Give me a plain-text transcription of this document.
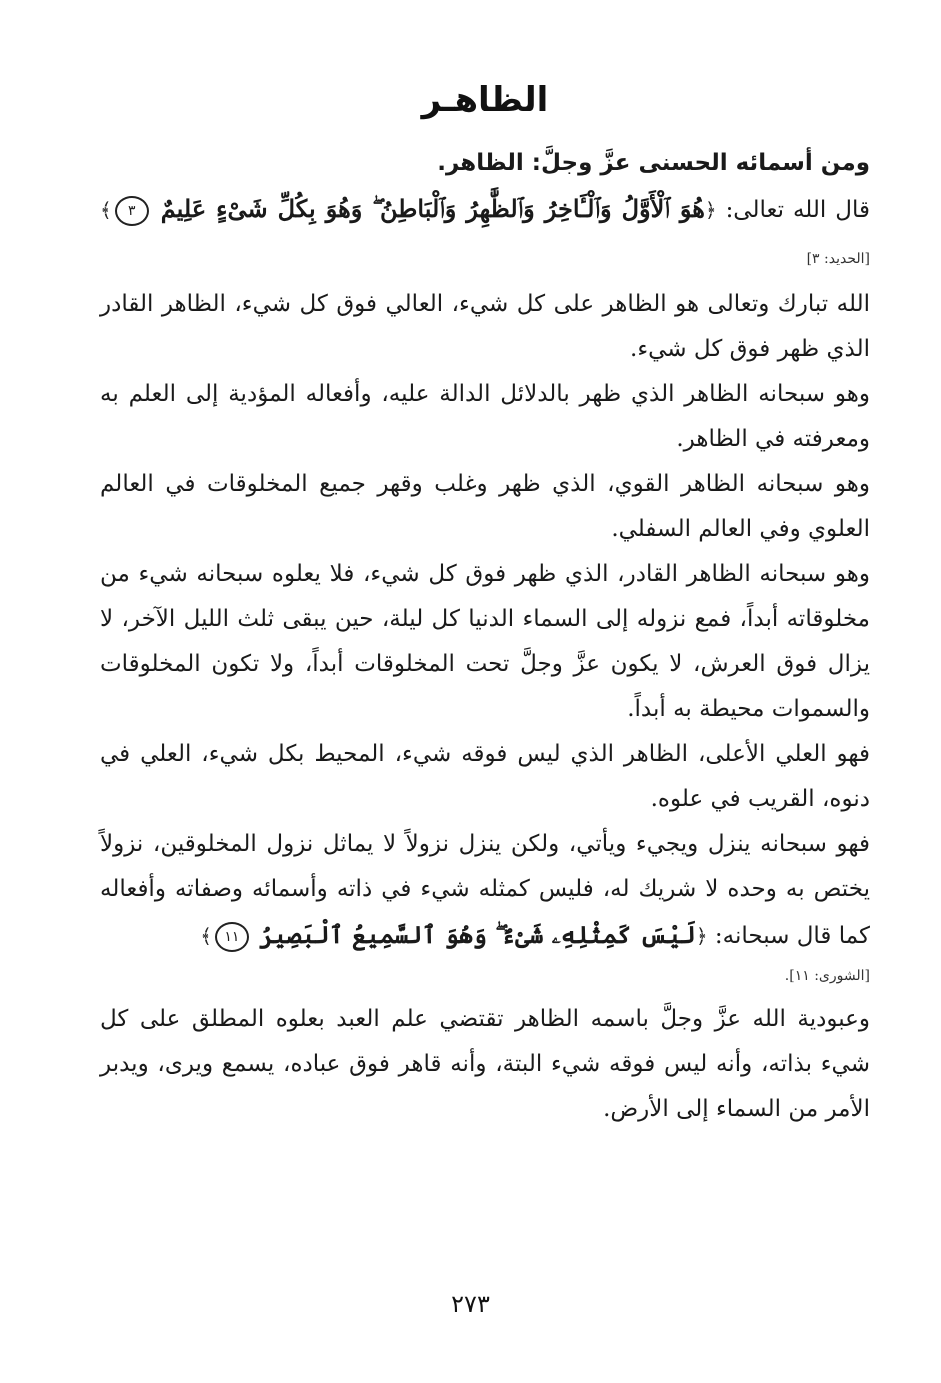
الظاهـر

ومن أسمائه الحسنى عزَّ وجلَّ: الظاهر.

قال الله تعالى: ﴿هُوَ ٱلْأَوَّلُ وَٱلْـَٔاخِرُ وَٱلظَّٰهِرُ وَٱلْبَاطِنُ ۖ وَهُوَ بِكُلِّ شَىْءٍ عَلِيمٌ ٣﴾ [الحديد: ٣]

الله تبارك وتعالى هو الظاهر على كل شيء، العالي فوق كل شيء، الظاهر القادر الذي ظهر فوق كل شيء.

وهو سبحانه الظاهر الذي ظهر بالدلائل الدالة عليه، وأفعاله المؤدية إلى العلم به ومعرفته في الظاهر.

وهو سبحانه الظاهر القوي، الذي ظهر وغلب وقهر جميع المخلوقات في العالم العلوي وفي العالم السفلي.

وهو سبحانه الظاهر القادر، الذي ظهر فوق كل شيء، فلا يعلوه سبحانه شيء من مخلوقاته أبداً، فمع نزوله إلى السماء الدنيا كل ليلة، حين يبقى ثلث الليل الآخر، لا يزال فوق العرش، لا يكون عزَّ وجلَّ تحت المخلوقات أبداً، ولا تكون المخلوقات والسموات محيطة به أبداً.

فهو العلي الأعلى، الظاهر الذي ليس فوقه شيء، المحيط بكل شيء، العلي في دنوه، القريب في علوه.

فهو سبحانه ينزل ويجيء ويأتي، ولكن ينزل نزولاً لا يماثل نزول المخلوقين، نزولاً يختص به وحده لا شريك له، فليس كمثله شيء في ذاته وأسمائه وصفاته وأفعاله كما قال سبحانه: ﴿لَيْسَ كَمِثْلِهِۦ شَىْءٌ ۖ وَهُوَ ٱلسَّمِيعُ ٱلْبَصِيرُ ١١﴾

[الشورى: ١١].

وعبودية الله عزَّ وجلَّ باسمه الظاهر تقتضي علم العبد بعلوه المطلق على كل شيء بذاته، وأنه ليس فوقه شيء البتة، وأنه قاهر فوق عباده، يسمع ويرى، ويدبر الأمر من السماء إلى الأرض.

٢٧٣
